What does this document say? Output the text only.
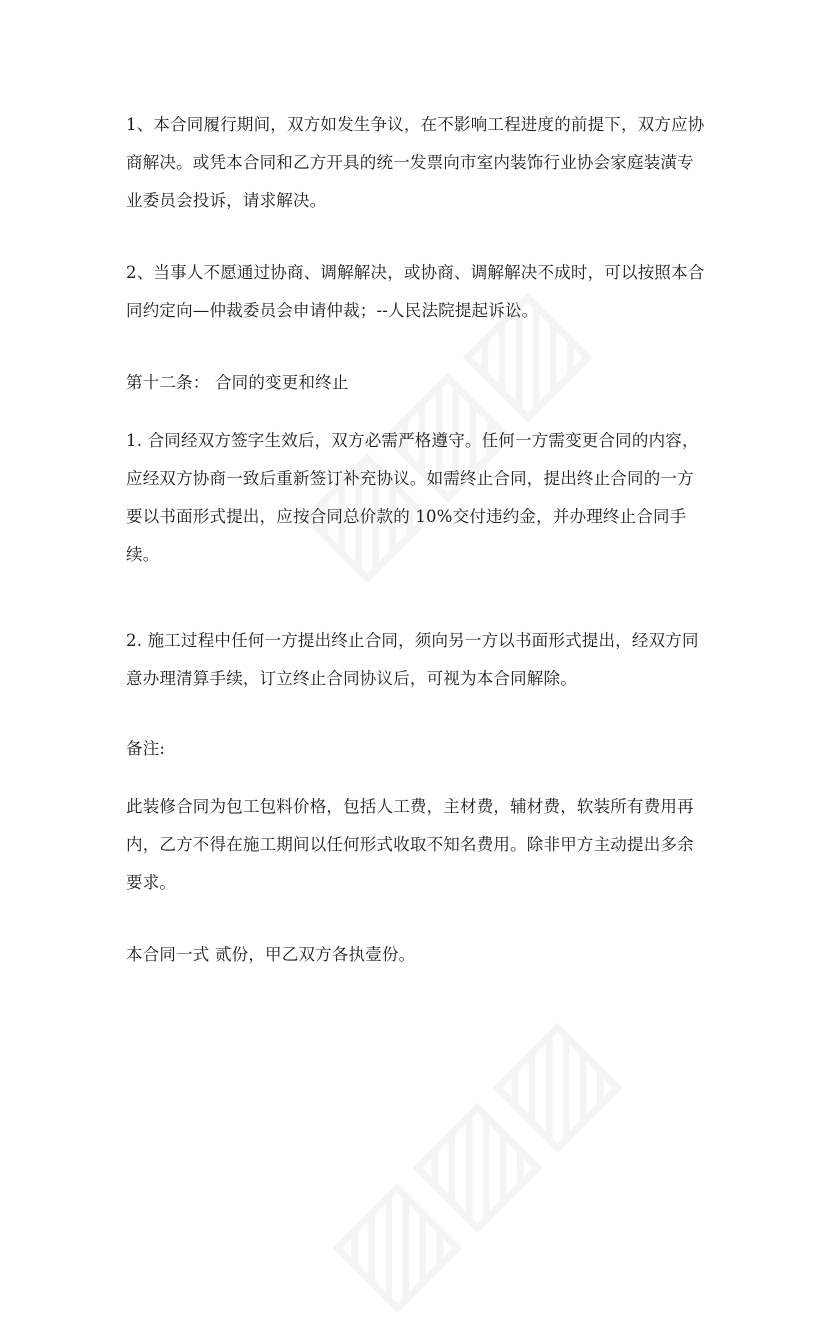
1、本合同履行期间，双方如发生争议，在不影响工程进度的前提下，双方应协商解决。或凭本合同和乙方开具的统一发票向市室内装饰行业协会家庭装潢专业委员会投诉，请求解决。

2、当事人不愿通过协商、调解解决，或协商、调解解决不成时，可以按照本合同约定向—仲裁委员会申请仲裁；--人民法院提起诉讼。

第十二条： 合同的变更和终止

1. 合同经双方签字生效后，双方必需严格遵守。任何一方需变更合同的内容，应经双方协商一致后重新签订补充协议。如需终止合同，提出终止合同的一方要以书面形式提出，应按合同总价款的 10%交付违约金，并办理终止合同手续。

2. 施工过程中任何一方提出终止合同，须向另一方以书面形式提出，经双方同意办理清算手续，订立终止合同协议后，可视为本合同解除。

备注:

此装修合同为包工包料价格，包括人工费，主材费，辅材费，软装所有费用再内，乙方不得在施工期间以任何形式收取不知名费用。除非甲方主动提出多余要求。

本合同一式 贰份，甲乙双方各执壹份。
